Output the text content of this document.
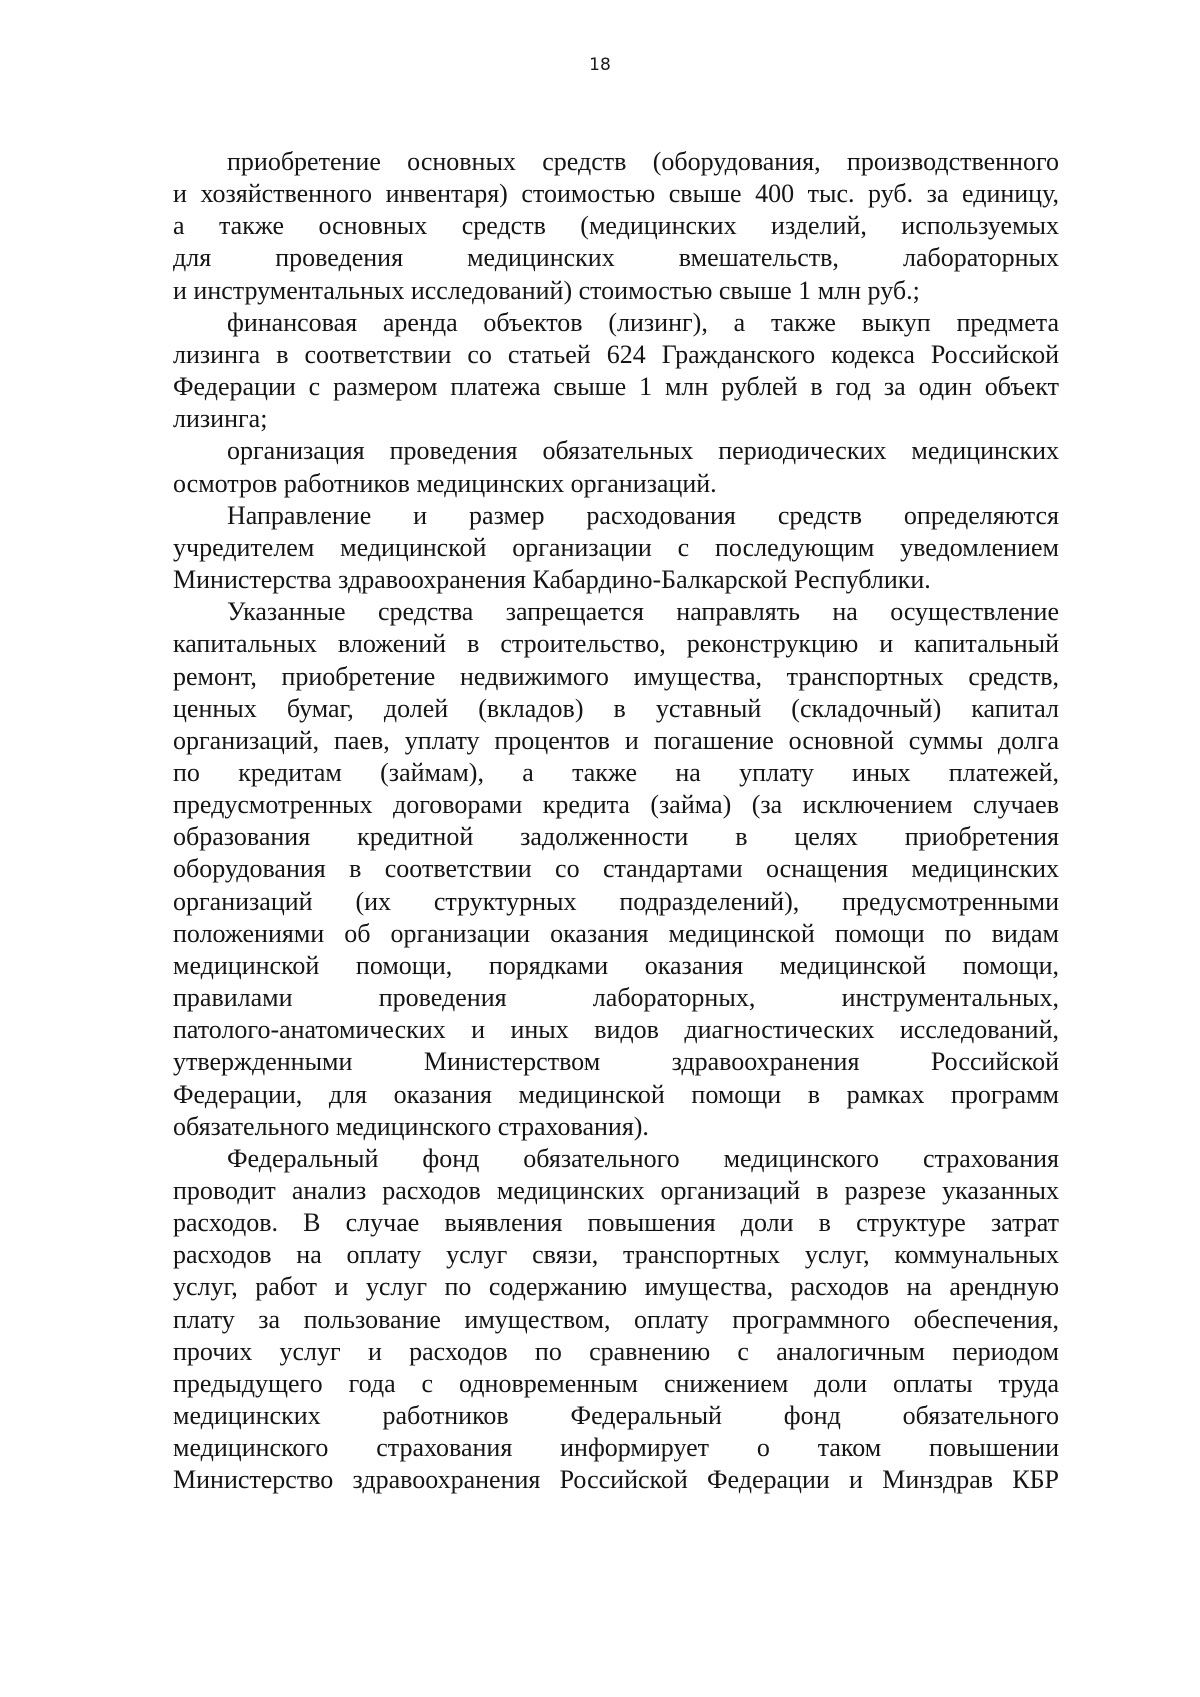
18
приобретение основных средств (оборудования, производственного
и хозяйственного инвентаря) стоимостью свыше 400 тыс. руб. за единицу,
а также основных средств (медицинских изделий, используемых
для проведения медицинских вмешательств, лабораторных
и инструментальных исследований) стоимостью свыше 1 млн руб.;
финансовая аренда объектов (лизинг), а также выкуп предмета
лизинга в соответствии со статьей 624 Гражданского кодекса Российской
Федерации с размером платежа свыше 1 млн рублей в год за один объект
лизинга;
организация проведения обязательных периодических медицинских
осмотров работников медицинских организаций.
Направление и размер расходования средств определяются
учредителем медицинской организации с последующим уведомлением
Министерства здравоохранения Кабардино-Балкарской Республики.
Указанные средства запрещается направлять на осуществление
капитальных вложений в строительство, реконструкцию и капитальный
ремонт, приобретение недвижимого имущества, транспортных средств,
ценных бумаг, долей (вкладов) в уставный (складочный) капитал
организаций, паев, уплату процентов и погашение основной суммы долга
по кредитам (займам), а также на уплату иных платежей,
предусмотренных договорами кредита (займа) (за исключением случаев
образования кредитной задолженности в целях приобретения
оборудования в соответствии со стандартами оснащения медицинских
организаций (их структурных подразделений), предусмотренными
положениями об организации оказания медицинской помощи по видам
медицинской помощи, порядками оказания медицинской помощи,
правилами проведения лабораторных, инструментальных,
патолого-анатомических и иных видов диагностических исследований,
утвержденными Министерством здравоохранения Российской
Федерации, для оказания медицинской помощи в рамках программ
обязательного медицинского страхования).
Федеральный фонд обязательного медицинского страхования
проводит анализ расходов медицинских организаций в разрезе указанных
расходов. В случае выявления повышения доли в структуре затрат
расходов на оплату услуг связи, транспортных услуг, коммунальных
услуг, работ и услуг по содержанию имущества, расходов на арендную
плату за пользование имуществом, оплату программного обеспечения,
прочих услуг и расходов по сравнению с аналогичным периодом
предыдущего года с одновременным снижением доли оплаты труда
медицинских работников Федеральный фонд обязательного
медицинского страхования информирует о таком повышении
Министерство здравоохранения Российской Федерации и Минздрав КБР
